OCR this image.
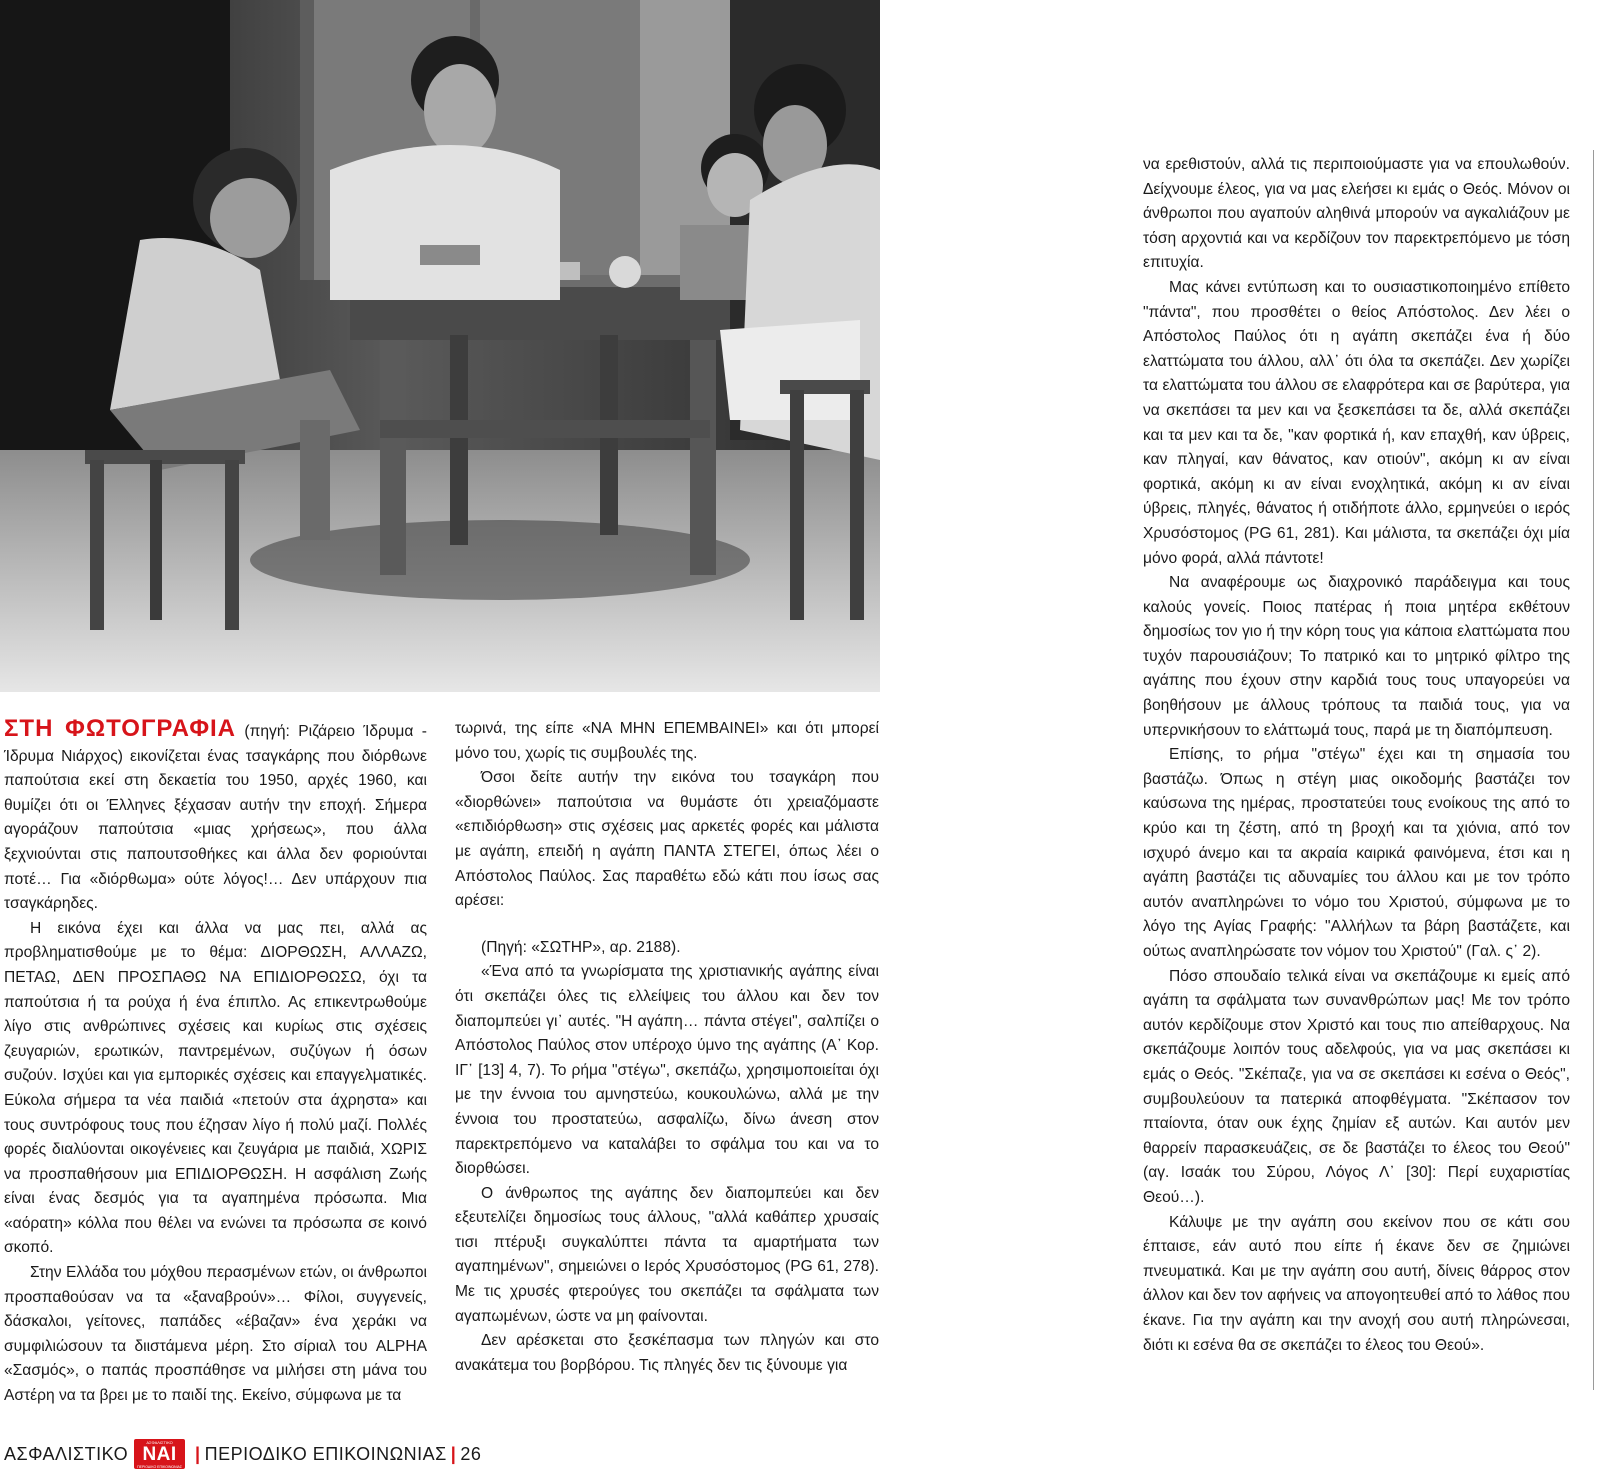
ΣΤΗ ΦΩΤΟΓΡΑΦΙΑ (πηγή: Ριζάρειο Ίδρυμα - Ίδρυμα Νιάρχος) εικονίζεται ένας τσαγκάρης που διόρθωνε παπούτσια εκεί στη δεκαετία του 1950, αρχές 1960, και θυμίζει ότι οι Έλληνες ξέχασαν αυτήν την εποχή. Σήμερα αγοράζουν παπούτσια «μιας χρήσεως», που άλλα ξεχνιούνται στις παπουτσοθήκες και άλλα δεν φοριούνται ποτέ… Για «διόρθωμα» ούτε λόγος!… Δεν υπάρχουν πια τσαγκάρηδες.

Η εικόνα έχει και άλλα να μας πει, αλλά ας προβληματισθούμε με το θέμα: ΔΙΟΡΘΩΣΗ, ΑΛΛΑΖΩ, ΠΕΤΑΩ, ΔΕΝ ΠΡΟΣΠΑΘΩ ΝΑ ΕΠΙΔΙΟΡΘΩΣΩ, όχι τα παπούτσια ή τα ρούχα ή ένα έπιπλο. Ας επικεντρωθούμε λίγο στις ανθρώπινες σχέσεις και κυρίως στις σχέσεις ζευγαριών, ερωτικών, παντρεμένων, συζύγων ή όσων συζούν. Ισχύει και για εμπορικές σχέσεις και επαγγελματικές. Εύκολα σήμερα τα νέα παιδιά «πετούν στα άχρηστα» και τους συντρόφους τους που έζησαν λίγο ή πολύ μαζί. Πολλές φορές διαλύονται οικογένειες και ζευγάρια με παιδιά, ΧΩΡΙΣ να προσπαθήσουν μια ΕΠΙΔΙΟΡΘΩΣΗ. Η ασφάλιση Ζωής είναι ένας δεσμός για τα αγαπημένα πρόσωπα. Μια «αόρατη» κόλλα που θέλει να ενώνει τα πρόσωπα σε κοινό σκοπό.

Στην Ελλάδα του μόχθου περασμένων ετών, οι άνθρωποι προσπαθούσαν να τα «ξαναβρούν»… Φίλοι, συγγενείς, δάσκαλοι, γείτονες, παπάδες «έβαζαν» ένα χεράκι να συμφιλιώσουν τα διιστάμενα μέρη. Στο σίριαλ του ALPHA «Σασμός», ο παπάς προσπάθησε να μιλήσει στη μάνα του Αστέρη να τα βρει με το παιδί της. Εκείνο, σύμφωνα με τα

τωρινά, της είπε «ΝΑ ΜΗΝ ΕΠΕΜΒΑΙΝΕΙ» και ότι μπορεί μόνο του, χωρίς τις συμβουλές της.

Όσοι δείτε αυτήν την εικόνα του τσαγκάρη που «διορθώνει» παπούτσια να θυμάστε ότι χρειαζόμαστε «επιδιόρθωση» στις σχέσεις μας αρκετές φορές και μάλιστα με αγάπη, επειδή η αγάπη ΠΑΝΤΑ ΣΤΕΓΕΙ, όπως λέει ο Απόστολος Παύλος. Σας παραθέτω εδώ κάτι που ίσως σας αρέσει:

(Πηγή: «ΣΩΤΗΡ», αρ. 2188).

«Ένα από τα γνωρίσματα της χριστιανικής αγάπης είναι ότι σκεπάζει όλες τις ελλείψεις του άλλου και δεν τον διαπομπεύει γι᾽ αυτές. "Η αγάπη… πάντα στέγει", σαλπίζει ο Απόστολος Παύλος στον υπέροχο ύμνο της αγάπης (Α᾽ Κορ. ΙΓ᾽ [13] 4, 7). Το ρήμα "στέγω", σκεπάζω, χρησιμοποιείται όχι με την έννοια του αμνηστεύω, κουκουλώνω, αλλά με την έννοια του προστατεύω, ασφαλίζω, δίνω άνεση στον παρεκτρεπόμενο να καταλάβει το σφάλμα του και να το διορθώσει.

Ο άνθρωπος της αγάπης δεν διαπομπεύει και δεν εξευτελίζει δημοσίως τους άλλους, "αλλά καθάπερ χρυσαίς τισι πτέρυξι συγκαλύπτει πάντα τα αμαρτήματα των αγαπημένων", σημειώνει ο Ιερός Χρυσόστομος (PG 61, 278). Με τις χρυσές φτερούγες του σκεπάζει τα σφάλματα των αγαπωμένων, ώστε να μη φαίνονται.

Δεν αρέσκεται στο ξεσκέπασμα των πληγών και στο ανακάτεμα του βορβόρου. Τις πληγές δεν τις ξύνουμε για

να ερεθιστούν, αλλά τις περιποιούμαστε για να επουλωθούν. Δείχνουμε έλεος, για να μας ελεήσει κι εμάς ο Θεός. Μόνον οι άνθρωποι που αγαπούν αληθινά μπορούν να αγκαλιάζουν με τόση αρχοντιά και να κερδίζουν τον παρεκτρεπόμενο με τόση επιτυχία.

Μας κάνει εντύπωση και το ουσιαστικοποιημένο επίθετο "πάντα", που προσθέτει ο θείος Απόστολος. Δεν λέει ο Απόστολος Παύλος ότι η αγάπη σκεπάζει ένα ή δύο ελαττώματα του άλλου, αλλ᾽ ότι όλα τα σκεπάζει. Δεν χωρίζει τα ελαττώματα του άλλου σε ελαφρότερα και σε βαρύτερα, για να σκεπάσει τα μεν και να ξεσκεπάσει τα δε, αλλά σκεπάζει και τα μεν και τα δε, "καν φορτικά ή, καν επαχθή, καν ύβρεις, καν πληγαί, καν θάνατος, καν οτιούν", ακόμη κι αν είναι φορτικά, ακόμη κι αν είναι ενοχλητικά, ακόμη κι αν είναι ύβρεις, πληγές, θάνατος ή οτιδήποτε άλλο, ερμηνεύει ο ιερός Χρυσόστομος (PG 61, 281). Και μάλιστα, τα σκεπάζει όχι μία μόνο φορά, αλλά πάντοτε!

Να αναφέρουμε ως διαχρονικό παράδειγμα και τους καλούς γονείς. Ποιος πατέρας ή ποια μητέρα εκθέτουν δημοσίως τον γιο ή την κόρη τους για κάποια ελαττώματα που τυχόν παρουσιάζουν; Το πατρικό και το μητρικό φίλτρο της αγάπης που έχουν στην καρδιά τους τους υπαγορεύει να βοηθήσουν με άλλους τρόπους τα παιδιά τους, για να υπερνικήσουν το ελάττωμά τους, παρά με τη διαπόμπευση.

Επίσης, το ρήμα "στέγω" έχει και τη σημασία του βαστάζω. Όπως η στέγη μιας οικοδομής βαστάζει τον καύσωνα της ημέρας, προστατεύει τους ενοίκους της από το κρύο και τη ζέστη, από τη βροχή και τα χιόνια, από τον ισχυρό άνεμο και τα ακραία καιρικά φαινόμενα, έτσι και η αγάπη βαστάζει τις αδυναμίες του άλλου και με τον τρόπο αυτόν αναπληρώνει το νόμο του Χριστού, σύμφωνα με το λόγο της Αγίας Γραφής: "Αλλήλων τα βάρη βαστάζετε, και ούτως αναπληρώσατε τον νόμον του Χριστού" (Γαλ. ς᾽ 2).

Πόσο σπουδαίο τελικά είναι να σκεπάζουμε κι εμείς από αγάπη τα σφάλματα των συνανθρώπων μας! Με τον τρόπο αυτόν κερδίζουμε στον Χριστό και τους πιο απείθαρχους. Να σκεπάζουμε λοιπόν τους αδελφούς, για να μας σκεπάσει κι εμάς ο Θεός. "Σκέπαζε, για να σε σκεπάσει κι εσένα ο Θεός", συμβουλεύουν τα πατερικά αποφθέγματα. "Σκέπασον τον πταίοντα, όταν ουκ έχης ζημίαν εξ αυτών. Και αυτόν μεν θαρρείν παρασκευάζεις, σε δε βαστάζει το έλεος του Θεού" (αγ. Ισαάκ του Σύρου, Λόγος Λ᾽ [30]: Περί ευχαριστίας Θεού…).

Κάλυψε με την αγάπη σου εκείνον που σε κάτι σου έπταισε, εάν αυτό που είπε ή έκανε δεν σε ζημιώνει πνευματικά. Και με την αγάπη σου αυτή, δίνεις θάρρος στον άλλον και δεν τον αφήνεις να απογοητευθεί από το λάθος που έκανε. Για την αγάπη και την ανοχή σου αυτή πληρώνεσαι, διότι κι εσένα θα σε σκεπάζει το έλεος του Θεού».

ΑΣΦΑΛΙΣΤΙΚΟ
ΑΣΦΑΛΙΣΤΙΚΟ
ΝΑΙ
ΠΕΡΙΟΔΙΚΟ ΕΠΙΚΟΙΝΩΝΙΑΣ
| ΠΕΡΙΟΔΙΚΟ ΕΠΙΚΟΙΝΩΝΙΑΣ | 26
